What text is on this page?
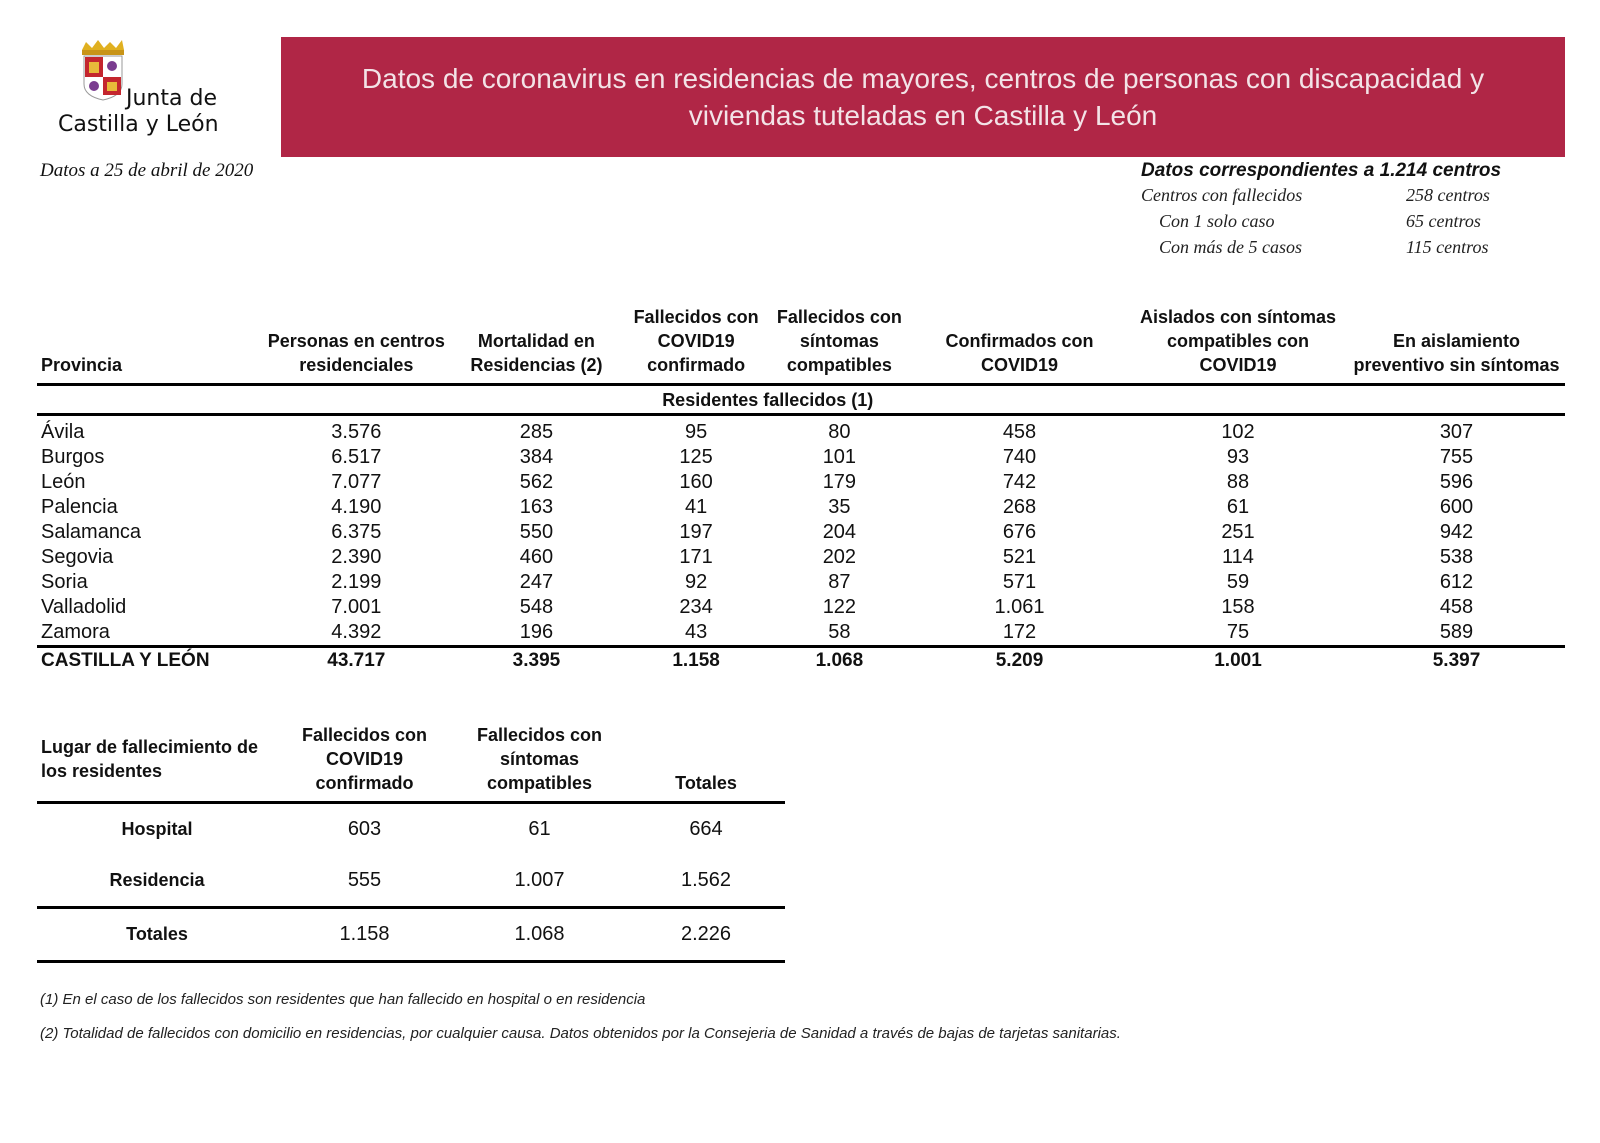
Junta de
Castilla y León
Datos de coronavirus en residencias de mayores, centros de personas con discapacidad y viviendas tuteladas en Castilla y León
Datos a 25 de abril de 2020	Datos correspondientes a 1.214 centros
Centros con fallecidos	258 centros
Con 1 solo caso	65 centros
Con más de 5 casos	115 centros
Provincia	Personas en centros residenciales	Mortalidad en Residencias (2)	Fallecidos con COVID19 confirmado	Fallecidos con síntomas compatibles	Confirmados con COVID19	Aislados con síntomas compatibles con COVID19	En aislamiento preventivo sin síntomas
			Residentes fallecidos (1)				
Ávila	3.576	285	95	80	458	102	307
Burgos	6.517	384	125	101	740	93	755
León	7.077	562	160	179	742	88	596
Palencia	4.190	163	41	35	268	61	600
Salamanca	6.375	550	197	204	676	251	942
Segovia	2.390	460	171	202	521	114	538
Soria	2.199	247	92	87	571	59	612
Valladolid	7.001	548	234	122	1.061	158	458
Zamora	4.392	196	43	58	172	75	589
CASTILLA Y LEÓN	43.717	3.395	1.158	1.068	5.209	1.001	5.397
Lugar de fallecimiento de los residentes	Fallecidos con COVID19 confirmado	Fallecidos con síntomas compatibles	Totales
Hospital	603	61	664
Residencia	555	1.007	1.562
Totales	1.158	1.068	2.226
(1) En el caso de los fallecidos son residentes que han fallecido en hospital o en residencia
(2) Totalidad de fallecidos con domicilio en residencias, por cualquier causa. Datos obtenidos por la Consejeria de Sanidad a través de bajas de tarjetas sanitarias.
